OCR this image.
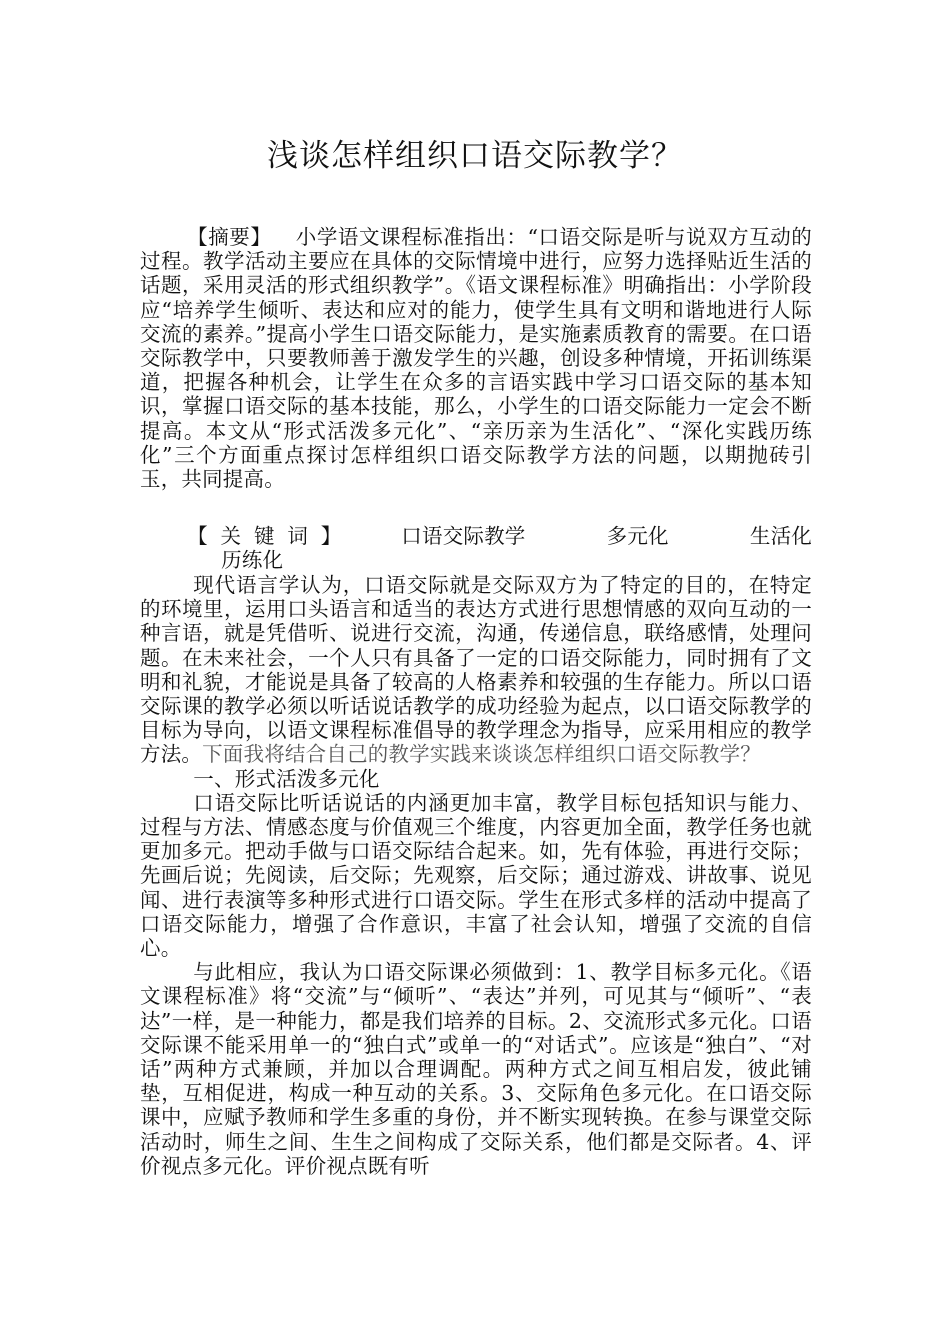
浅谈怎样组织口语交际教学？

【摘要】 小学语文课程标准指出：“口语交际是听与说双方互动的过程。教学活动主要应在具体的交际情境中进行，应努力选择贴近生活的话题，采用灵活的形式组织教学”。《语文课程标准》明确指出：小学阶段应“培养学生倾听、表达和应对的能力，使学生具有文明和谐地进行人际交流的素养。”提高小学生口语交际能力，是实施素质教育的需要。在口语交际教学中，只要教师善于激发学生的兴趣，创设多种情境，开拓训练渠道，把握各种机会，让学生在众多的言语实践中学习口语交际的基本知识，掌握口语交际的基本技能，那么，小学生的口语交际能力一定会不断提高。本文从“形式活泼多元化”、“亲历亲为生活化”、“深化实践历练化”三个方面重点探讨怎样组织口语交际教学方法的问题，以期抛砖引玉，共同提高。

【关键词】 口语交际教学	多元化	生活化历练化

现代语言学认为，口语交际就是交际双方为了特定的目的，在特定的环境里，运用口头语言和适当的表达方式进行思想情感的双向互动的一种言语，就是凭借听、说进行交流，沟通，传递信息，联络感情，处理问题。在未来社会，一个人只有具备了一定的口语交际能力，同时拥有了文明和礼貌，才能说是具备了较高的人格素养和较强的生存能力。所以口语交际课的教学必须以听话说话教学的成功经验为起点，以口语交际教学的目标为导向，以语文课程标准倡导的教学理念为指导，应采用相应的教学方法。下面我将结合自己的教学实践来谈谈怎样组织口语交际教学？

一、形式活泼多元化

口语交际比听话说话的内涵更加丰富，教学目标包括知识与能力、过程与方法、情感态度与价值观三个维度，内容更加全面，教学任务也就更加多元。把动手做与口语交际结合起来。如，先有体验，再进行交际；先画后说；先阅读，后交际；先观察，后交际；通过游戏、讲故事、说见闻、进行表演等多种形式进行口语交际。学生在形式多样的活动中提高了口语交际能力，增强了合作意识，丰富了社会认知，增强了交流的自信心。

与此相应，我认为口语交际课必须做到：1、教学目标多元化。《语文课程标准》将“交流”与“倾听”、“表达”并列，可见其与“倾听”、“表达”一样，是一种能力，都是我们培养的目标。2、交流形式多元化。口语交际课不能采用单一的“独白式”或单一的“对话式”。应该是“独白”、“对话”两种方式兼顾，并加以合理调配。两种方式之间互相启发，彼此铺垫，互相促进，构成一种互动的关系。3、交际角色多元化。在口语交际课中，应赋予教师和学生多重的身份，并不断实现转换。在参与课堂交际活动时，师生之间、生生之间构成了交际关系，他们都是交际者。4、评价视点多元化。评价视点既有听
